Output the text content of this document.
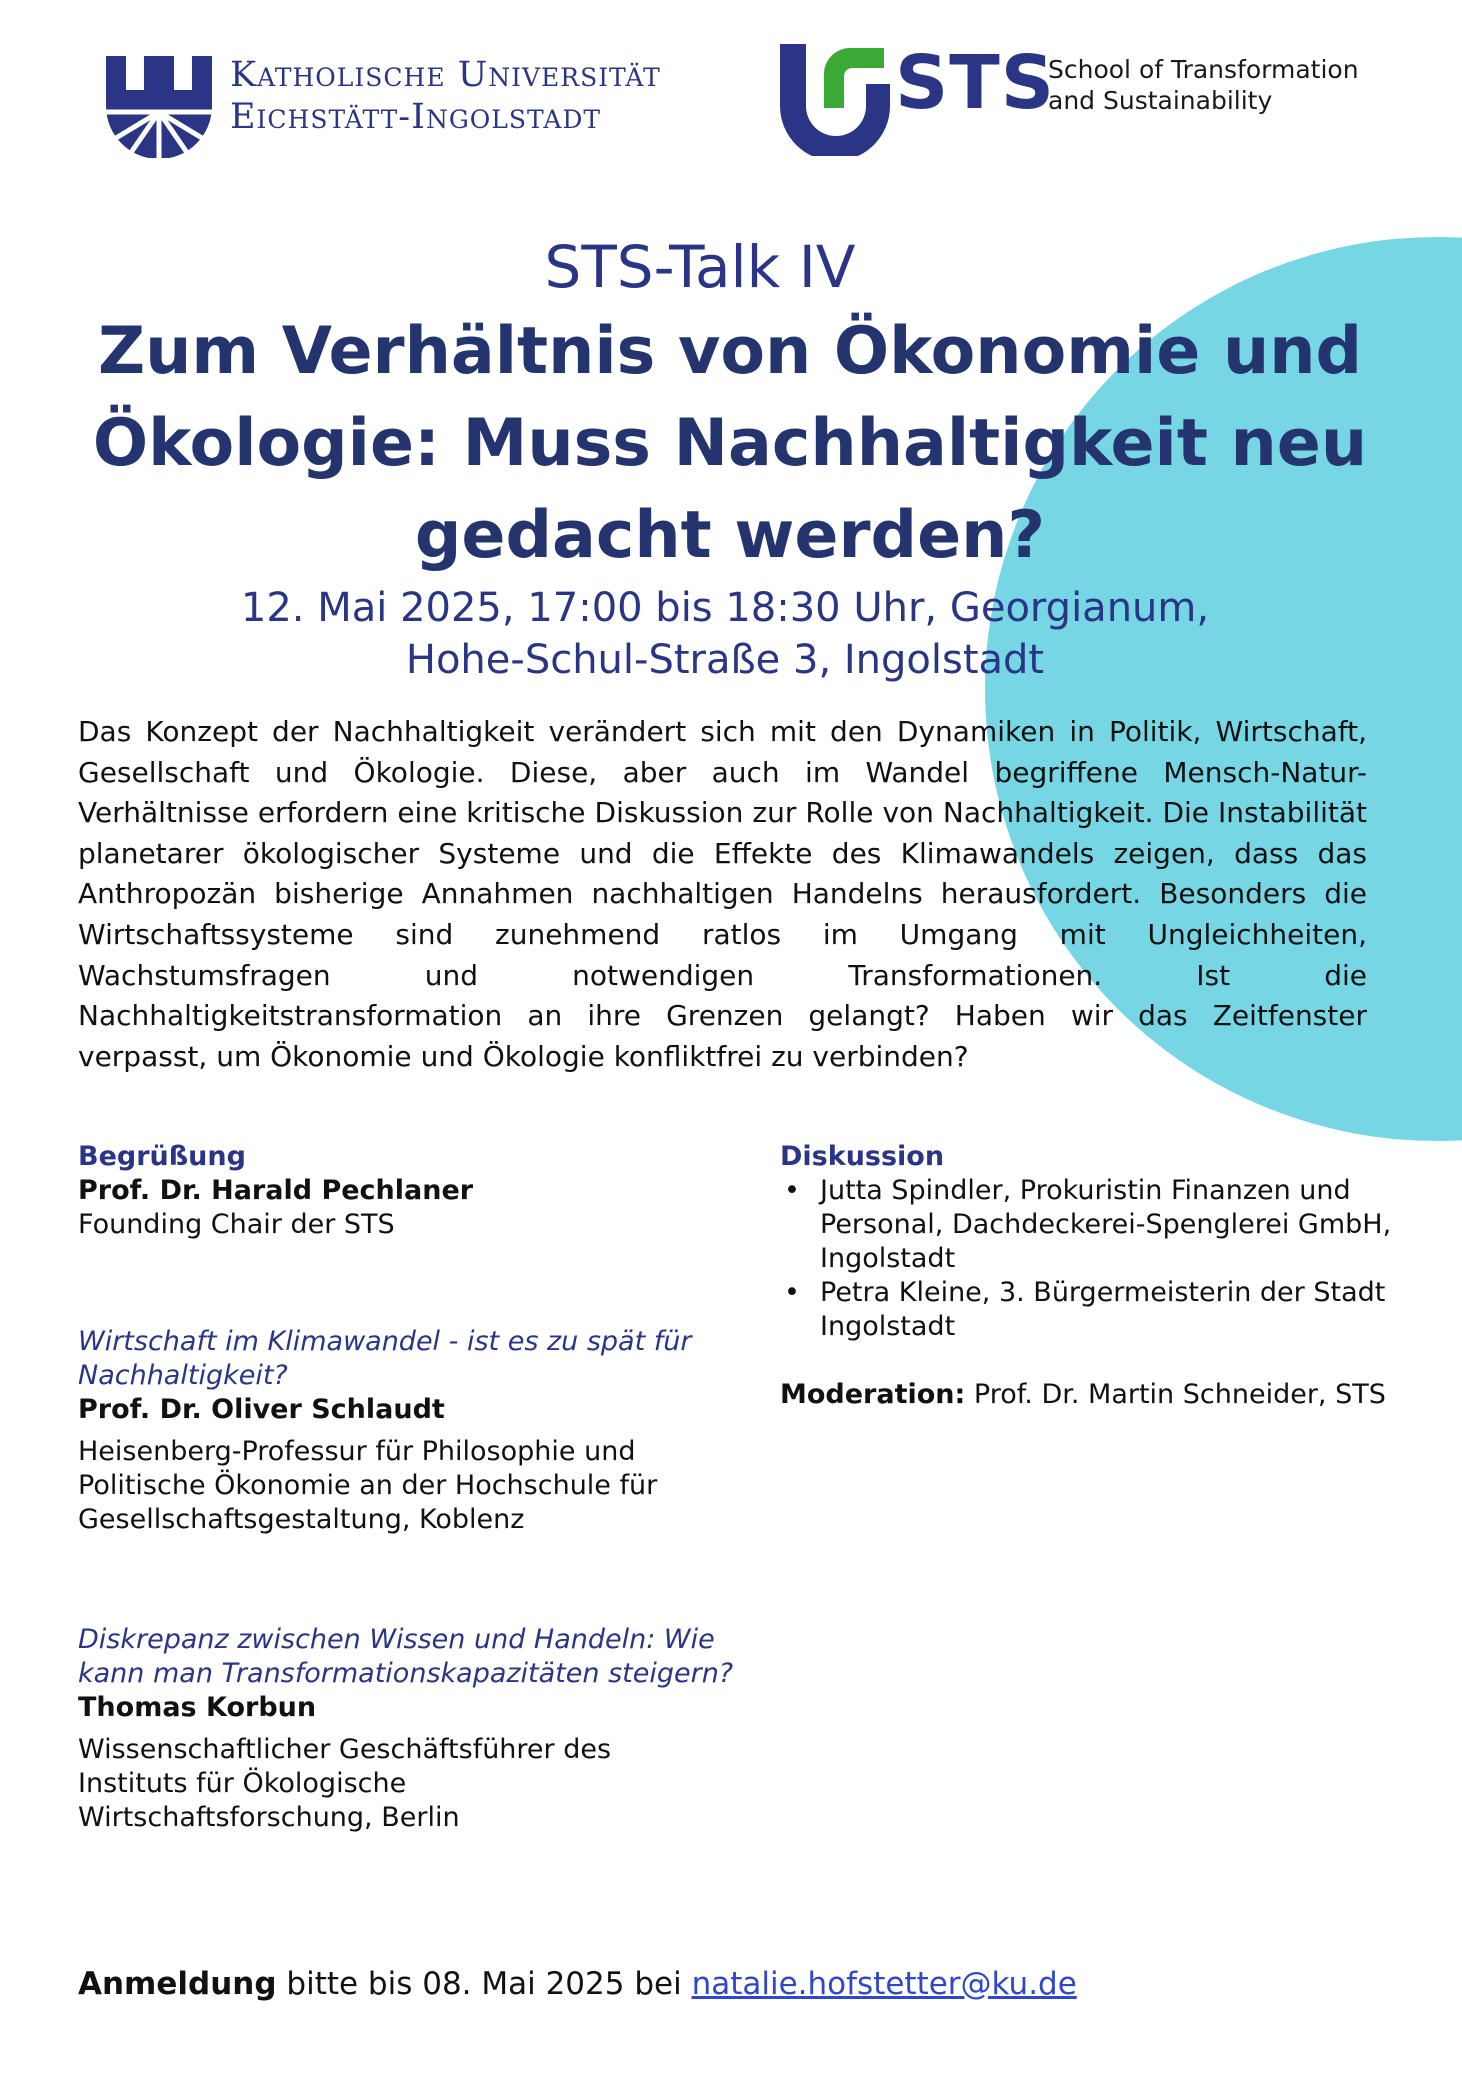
Katholische Universität
Eichstätt-Ingolstadt	STS
School of Transformation
and Sustainability
STS-Talk IV
Zum Verhältnis von Ökonomie und
Ökologie: Muss Nachhaltigkeit neu
gedacht werden?
12. Mai 2025, 17:00 bis 18:30 Uhr, Georgianum,
Hohe-Schul-Straße 3, Ingolstadt
Das Konzept der Nachhaltigkeit verändert sich mit den Dynamiken in Politik, Wirtschaft, Gesellschaft und Ökologie. Diese, aber auch im Wandel begriffene Mensch-Natur-Verhältnisse erfordern eine kritische Diskussion zur Rolle von Nachhaltigkeit. Die Instabilität planetarer ökologischer Systeme und die Effekte des Klimawandels zeigen, dass das Anthropozän bisherige Annahmen nachhaltigen Handelns herausfordert. Besonders die Wirtschaftssysteme sind zunehmend ratlos im Umgang mit Ungleichheiten, Wachstumsfragen und notwendigen Transformationen. Ist die Nachhaltigkeitstransformation an ihre Grenzen gelangt? Haben wir das Zeitfenster verpasst, um Ökonomie und Ökologie konfliktfrei zu verbinden?
Begrüßung
Prof. Dr. Harald Pechlaner
Founding Chair der STS
Wirtschaft im Klimawandel - ist es zu spät für Nachhaltigkeit?
Prof. Dr. Oliver Schlaudt
Heisenberg-Professur für Philosophie und Politische Ökonomie an der Hochschule für Gesellschaftsgestaltung, Koblenz
Diskrepanz zwischen Wissen und Handeln: Wie kann man Transformationskapazitäten steigern?
Thomas Korbun
Wissenschaftlicher Geschäftsführer des Instituts für Ökologische Wirtschaftsforschung, Berlin
Diskussion
• Jutta Spindler, Prokuristin Finanzen und Personal, Dachdeckerei-Spenglerei GmbH, Ingolstadt
• Petra Kleine, 3. Bürgermeisterin der Stadt Ingolstadt
Moderation: Prof. Dr. Martin Schneider, STS
Anmeldung bitte bis 08. Mai 2025 bei natalie.hofstetter@ku.de
